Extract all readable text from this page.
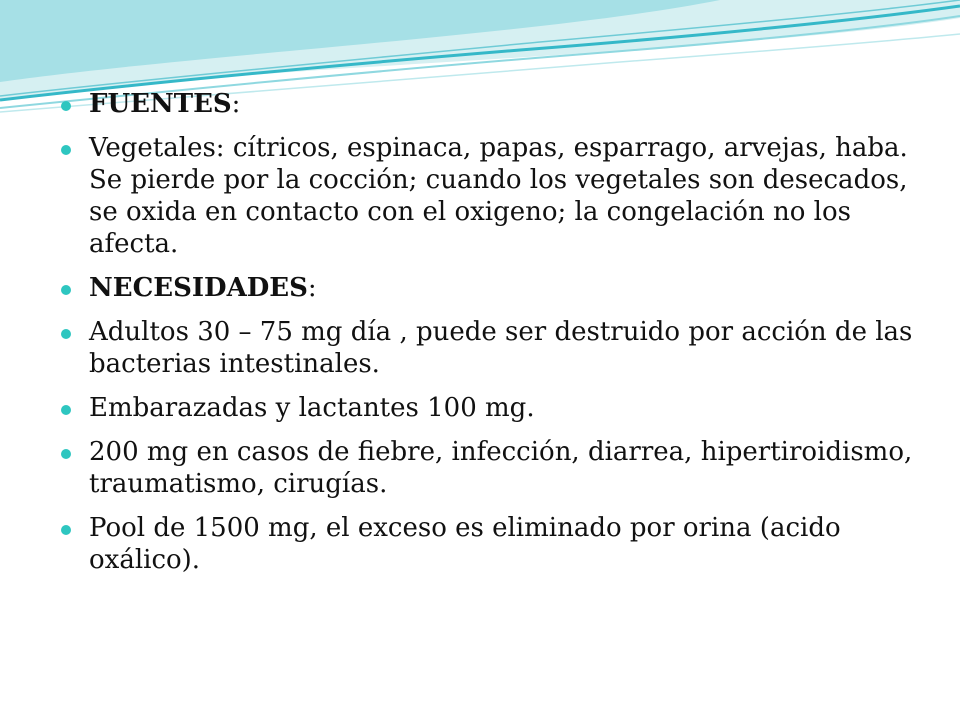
FUENTES:
Vegetales: cítricos, espinaca, papas, esparrago, arvejas, haba. Se pierde por la cocción; cuando los vegetales son desecados, se oxida en contacto con el oxigeno; la congelación no los afecta.
NECESIDADES:
Adultos 30 – 75 mg día , puede ser destruido por acción de las bacterias intestinales.
Embarazadas y lactantes 100 mg.
200 mg en casos de fiebre, infección, diarrea, hipertiroidismo, traumatismo, cirugías.
Pool de 1500 mg, el exceso es eliminado por orina (acido oxálico).
